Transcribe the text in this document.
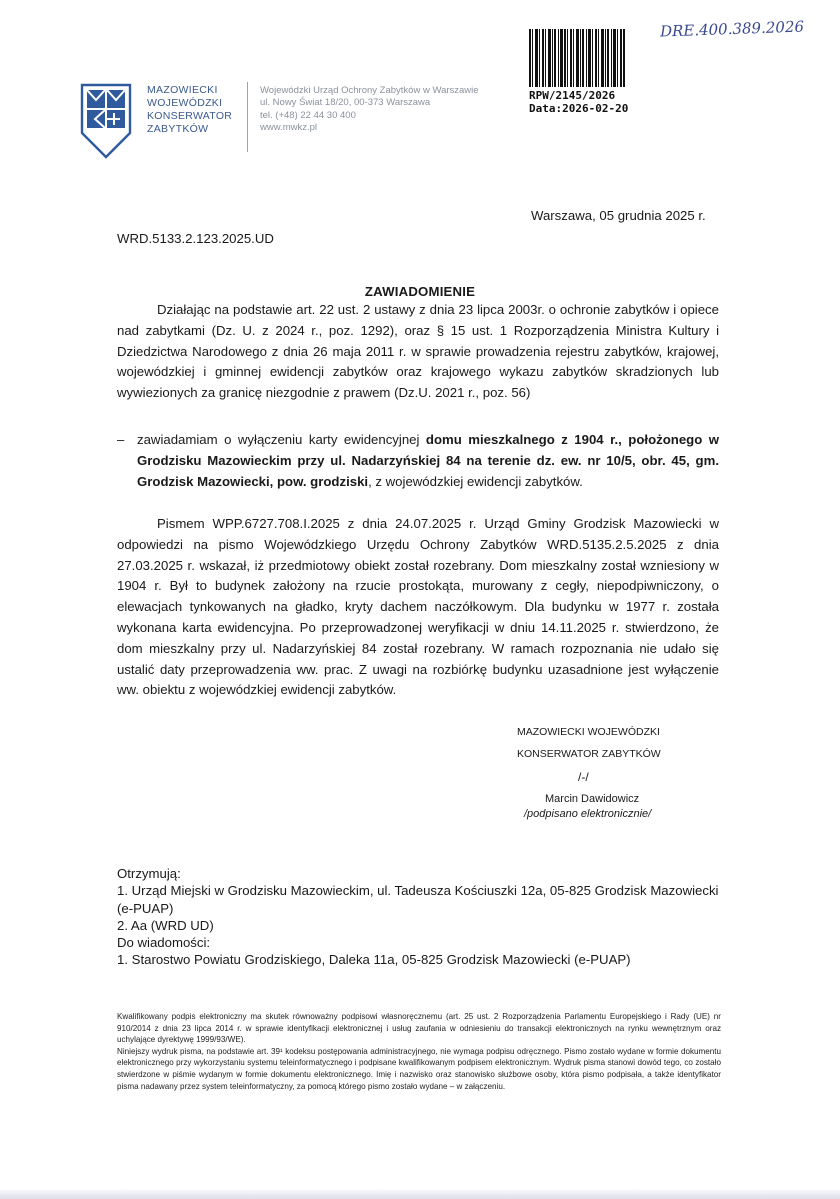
MAZOWIECKI
WOJEWÓDZKI
KONSERWATOR
ZABYTKÓW
Wojewódzki Urząd Ochrony Zabytków w Warszawie
ul. Nowy Świat 18/20, 00-373 Warszawa
tel. (+48) 22 44 30 400
www.mwkz.pl
RPW/2145/2026
Data:2026-02-20
DRE.400.389.2026
Warszawa, 05 grudnia 2025 r.
WRD.5133.2.123.2025.UD
ZAWIADOMIENIE
Działając na podstawie art. 22 ust. 2 ustawy z dnia 23 lipca 2003r. o ochronie zabytków i opiece nad zabytkami (Dz. U. z 2024 r., poz. 1292), oraz § 15 ust. 1 Rozporządzenia Ministra Kultury i Dziedzictwa Narodowego z dnia 26 maja 2011 r. w sprawie prowadzenia rejestru zabytków, krajowej, wojewódzkiej i gminnej ewidencji zabytków oraz krajowego wykazu zabytków skradzionych lub wywiezionych za granicę niezgodnie z prawem (Dz.U. 2021 r., poz. 56)
– zawiadamiam o wyłączeniu karty ewidencyjnej domu mieszkalnego z 1904 r., położonego w Grodzisku Mazowieckim przy ul. Nadarzyńskiej 84 na terenie dz. ew. nr 10/5, obr. 45, gm. Grodzisk Mazowiecki, pow. grodziski, z wojewódzkiej ewidencji zabytków.
Pismem WPP.6727.708.I.2025 z dnia 24.07.2025 r. Urząd Gminy Grodzisk Mazowiecki w odpowiedzi na pismo Wojewódzkiego Urzędu Ochrony Zabytków WRD.5135.2.5.2025 z dnia 27.03.2025 r. wskazał, iż przedmiotowy obiekt został rozebrany. Dom mieszkalny został wzniesiony w 1904 r. Był to budynek założony na rzucie prostokąta, murowany z cegły, niepodpiwniczony, o elewacjach tynkowanych na gładko, kryty dachem naczółkowym. Dla budynku w 1977 r. została wykonana karta ewidencyjna. Po przeprowadzonej weryfikacji w dniu 14.11.2025 r. stwierdzono, że dom mieszkalny przy ul. Nadarzyńskiej 84 został rozebrany. W ramach rozpoznania nie udało się ustalić daty przeprowadzenia ww. prac. Z uwagi na rozbiórkę budynku uzasadnione jest wyłączenie ww. obiektu z wojewódzkiej ewidencji zabytków.
MAZOWIECKI WOJEWÓDZKI
KONSERWATOR ZABYTKÓW
/-/
Marcin Dawidowicz
/podpisano elektronicznie/
Otrzymują:
1. Urząd Miejski w Grodzisku Mazowieckim, ul. Tadeusza Kościuszki 12a, 05-825 Grodzisk Mazowiecki
(e-PUAP)
2. Aa (WRD UD)
Do wiadomości:
1. Starostwo Powiatu Grodziskiego, Daleka 11a, 05-825 Grodzisk Mazowiecki (e-PUAP)

Kwalifikowany podpis elektroniczny ma skutek równoważny podpisowi własnoręcznemu (art. 25 ust. 2 Rozporządzenia Parlamentu Europejskiego i Rady (UE) nr 910/2014 z dnia 23 lipca 2014 r. w sprawie identyfikacji elektronicznej i usług zaufania w odniesieniu do transakcji elektronicznych na rynku wewnętrznym oraz uchylające dyrektywę 1999/93/WE).

Niniejszy wydruk pisma, na podstawie art. 39¹ kodeksu postępowania administracyjnego, nie wymaga podpisu odręcznego. Pismo zostało wydane w formie dokumentu elektronicznego przy wykorzystaniu systemu teleinformatycznego i podpisane kwalifikowanym podpisem elektronicznym. Wydruk pisma stanowi dowód tego, co zostało stwierdzone w piśmie wydanym w formie dokumentu elektronicznego. Imię i nazwisko oraz stanowisko służbowe osoby, która pismo podpisała, a także identyfikator pisma nadawany przez system teleinformatyczny, za pomocą którego pismo zostało wydane – w załączeniu.
